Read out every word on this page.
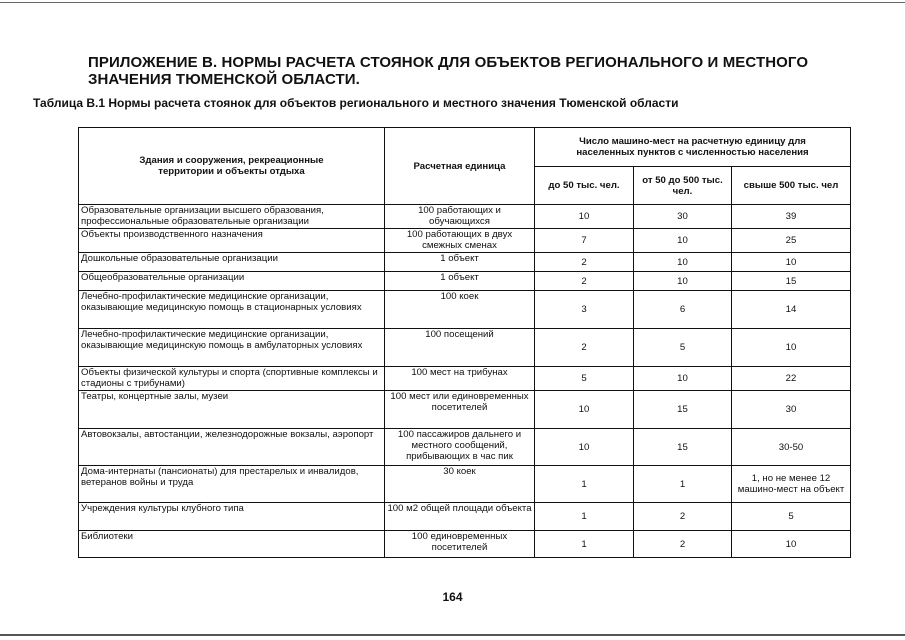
ПРИЛОЖЕНИЕ В. НОРМЫ РАСЧЕТА СТОЯНОК ДЛЯ ОБЪЕКТОВ РЕГИОНАЛЬНОГО И МЕСТНОГО ЗНАЧЕНИЯ ТЮМЕНСКОЙ ОБЛАСТИ.
Таблица В.1 Нормы расчета стоянок для объектов регионального и местного значения Тюменской области
Здания и сооружения, рекреационные территории и объекты отдыха	Расчетная единица	Число машино-мест на расчетную единицу для населенных пунктов с численностью населения		
		до 50 тыс. чел.	от 50 до 500 тыс. чел.	свыше 500 тыс. чел
Образовательные организации высшего образования, профессиональные образовательные организации	100 работающих и обучающихся	10	30	39
Объекты производственного назначения	100 работающих в двух смежных сменах	7	10	25
Дошкольные образовательные организации	1 объект	2	10	10
Общеобразовательные организации	1 объект	2	10	15
Лечебно-профилактические медицинские организации, оказывающие медицинскую помощь в стационарных условиях	100 коек	3	6	14
Лечебно-профилактические медицинские организации, оказывающие медицинскую помощь в амбулаторных условиях	100 посещений	2	5	10
Объекты физической культуры и спорта (спортивные комплексы и стадионы с трибунами)	100 мест на трибунах	5	10	22
Театры, концертные залы, музеи	100 мест или единовременных посетителей	10	15	30
Автовокзалы, автостанции, железнодорожные вокзалы, аэропорт	100 пассажиров дальнего и местного сообщений, прибывающих в час пик	10	15	30-50
Дома-интернаты (пансионаты) для престарелых и инвалидов, ветеранов войны и труда	30 коек	1	1	1, но не менее 12 машино-мест на объект
Учреждения культуры клубного типа	100 м2 общей площади объекта	1	2	5
Библиотеки	100 единовременных посетителей	1	2	10
164
